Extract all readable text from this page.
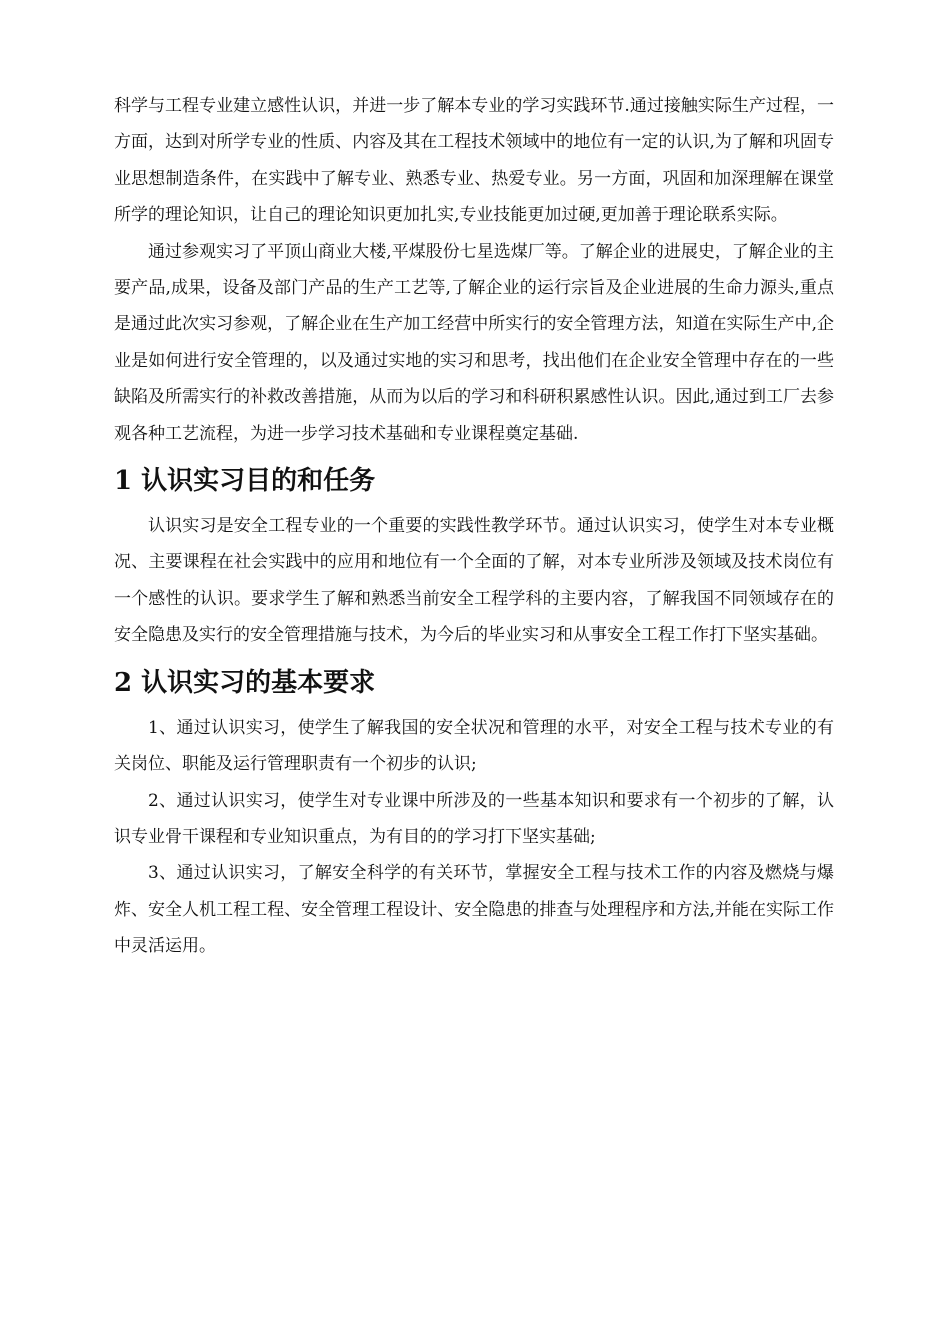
科学与工程专业建立感性认识，并进一步了解本专业的学习实践环节.通过接触实际生产过程，一方面，达到对所学专业的性质、内容及其在工程技术领域中的地位有一定的认识,为了解和巩固专业思想制造条件，在实践中了解专业、熟悉专业、热爱专业。另一方面，巩固和加深理解在课堂所学的理论知识，让自己的理论知识更加扎实,专业技能更加过硬,更加善于理论联系实际。

通过参观实习了平顶山商业大楼,平煤股份七星选煤厂等。了解企业的进展史，了解企业的主要产品,成果，设备及部门产品的生产工艺等,了解企业的运行宗旨及企业进展的生命力源头,重点是通过此次实习参观，了解企业在生产加工经营中所实行的安全管理方法，知道在实际生产中,企业是如何进行安全管理的，以及通过实地的实习和思考，找出他们在企业安全管理中存在的一些缺陷及所需实行的补救改善措施，从而为以后的学习和科研积累感性认识。因此,通过到工厂去参观各种工艺流程，为进一步学习技术基础和专业课程奠定基础.

1 认识实习目的和任务

认识实习是安全工程专业的一个重要的实践性教学环节。通过认识实习，使学生对本专业概况、主要课程在社会实践中的应用和地位有一个全面的了解，对本专业所涉及领域及技术岗位有一个感性的认识。要求学生了解和熟悉当前安全工程学科的主要内容，了解我国不同领域存在的安全隐患及实行的安全管理措施与技术，为今后的毕业实习和从事安全工程工作打下坚实基础。

2 认识实习的基本要求

1、通过认识实习，使学生了解我国的安全状况和管理的水平，对安全工程与技术专业的有关岗位、职能及运行管理职责有一个初步的认识;

2、通过认识实习，使学生对专业课中所涉及的一些基本知识和要求有一个初步的了解，认识专业骨干课程和专业知识重点，为有目的的学习打下坚实基础;

3、通过认识实习，了解安全科学的有关环节，掌握安全工程与技术工作的内容及燃烧与爆炸、安全人机工程工程、安全管理工程设计、安全隐患的排查与处理程序和方法,并能在实际工作中灵活运用。
